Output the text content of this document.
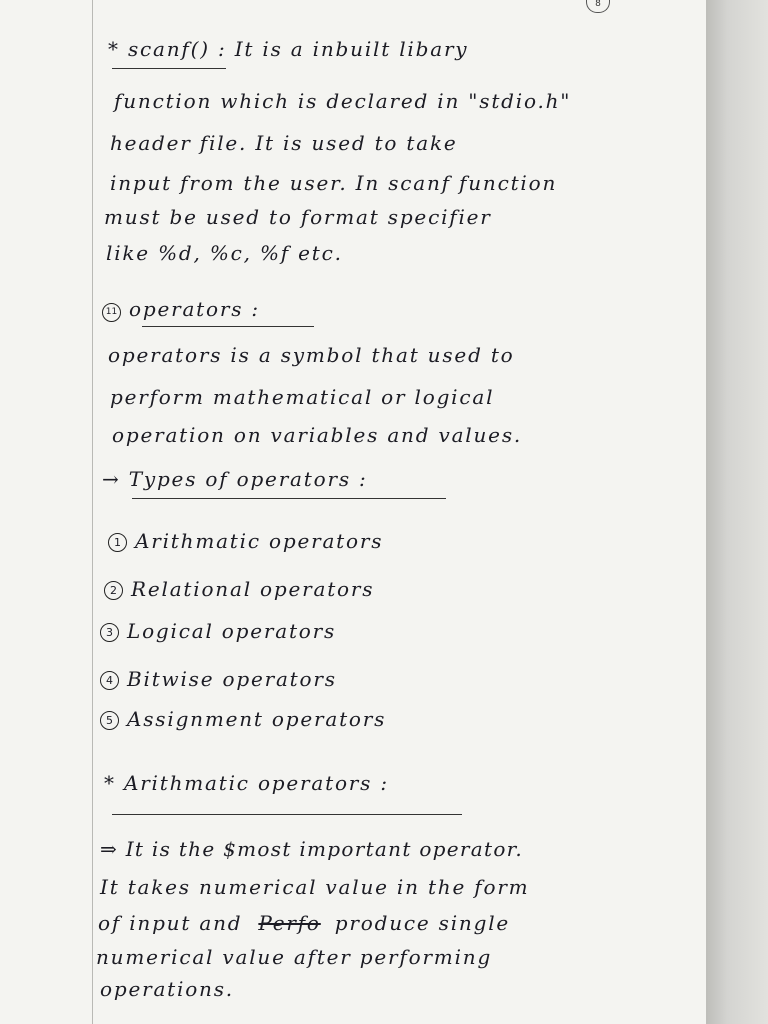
8
* scanf() : It is a inbuilt libary
function which is declared in "stdio.h"
header file. It is used to take
input from the user. In scanf function
must be used to format specifier
like %d, %c, %f etc.
11 operators :
operators is a symbol that used to
perform mathematical or logical
operation on variables and values.
→ Types of operators :
1 Arithmatic operators
2 Relational operators
3 Logical operators
4 Bitwise operators
5 Assignment operators
* Arithmatic operators :
⇒ It is the $most important operator.
It takes numerical value in the form
of input and Perfo produce single
numerical value after performing
operations.
